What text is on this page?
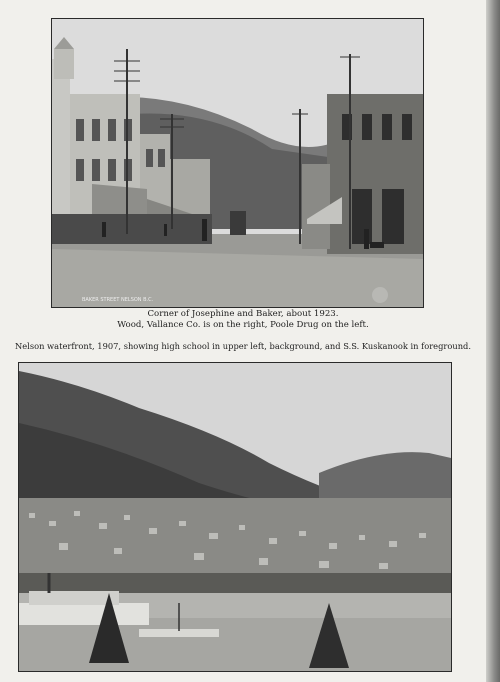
BAKER STREET NELSON B.C.
Corner of Josephine and Baker, about 1923.
Wood, Vallance Co. is on the right, Poole Drug on the left.
Nelson waterfront, 1907, showing high school in upper left, background, and S.S. Kuskanook in foreground.
